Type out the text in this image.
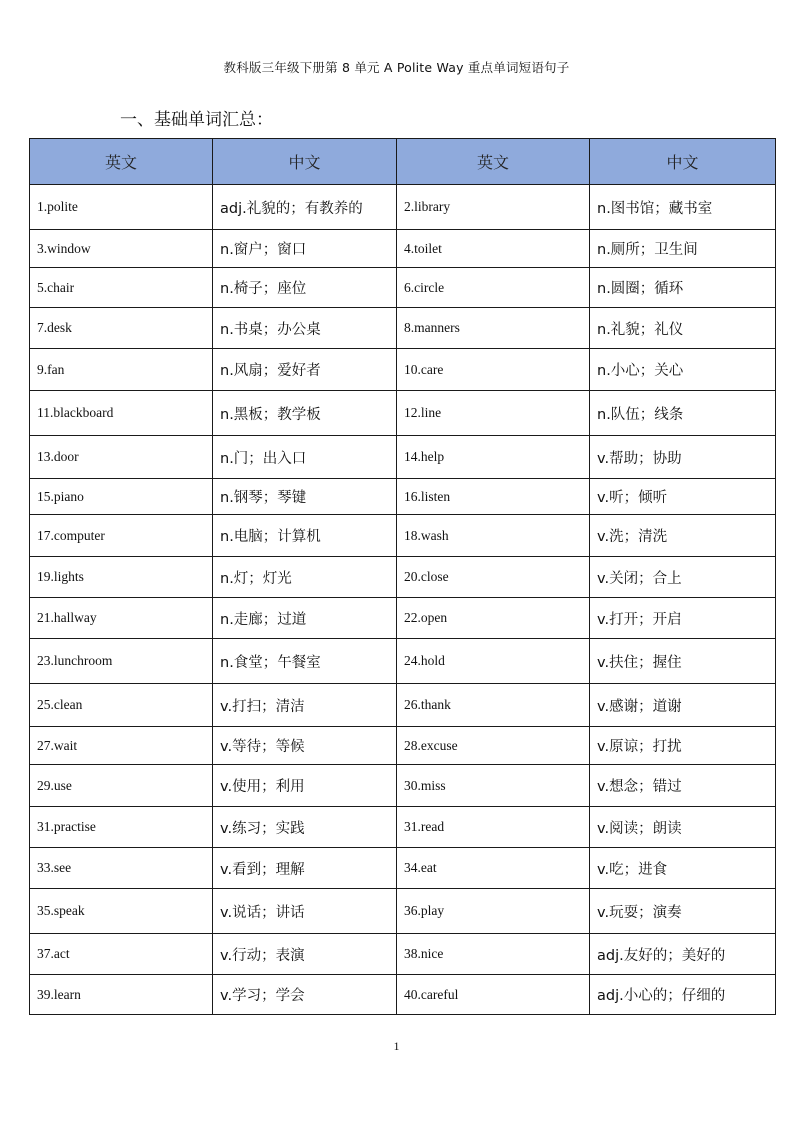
教科版三年级下册第 8 单元 A Polite Way 重点单词短语句子
一、基础单词汇总：
英文	中文	英文	中文
1.polite	adj.礼貌的；有教养的	2.library	n.图书馆；藏书室
3.window	n.窗户；窗口	4.toilet	n.厕所；卫生间
5.chair	n.椅子；座位	6.circle	n.圆圈；循环
7.desk	n.书桌；办公桌	8.manners	n.礼貌；礼仪
9.fan	n.风扇；爱好者	10.care	n.小心；关心
11.blackboard	n.黑板；教学板	12.line	n.队伍；线条
13.door	n.门；出入口	14.help	v.帮助；协助
15.piano	n.钢琴；琴键	16.listen	v.听；倾听
17.computer	n.电脑；计算机	18.wash	v.洗；清洗
19.lights	n.灯；灯光	20.close	v.关闭；合上
21.hallway	n.走廊；过道	22.open	v.打开；开启
23.lunchroom	n.食堂；午餐室	24.hold	v.扶住；握住
25.clean	v.打扫；清洁	26.thank	v.感谢；道谢
27.wait	v.等待；等候	28.excuse	v.原谅；打扰
29.use	v.使用；利用	30.miss	v.想念；错过
31.practise	v.练习；实践	31.read	v.阅读；朗读
33.see	v.看到；理解	34.eat	v.吃；进食
35.speak	v.说话；讲话	36.play	v.玩耍；演奏
37.act	v.行动；表演	38.nice	adj.友好的；美好的
39.learn	v.学习；学会	40.careful	adj.小心的；仔细的
1
